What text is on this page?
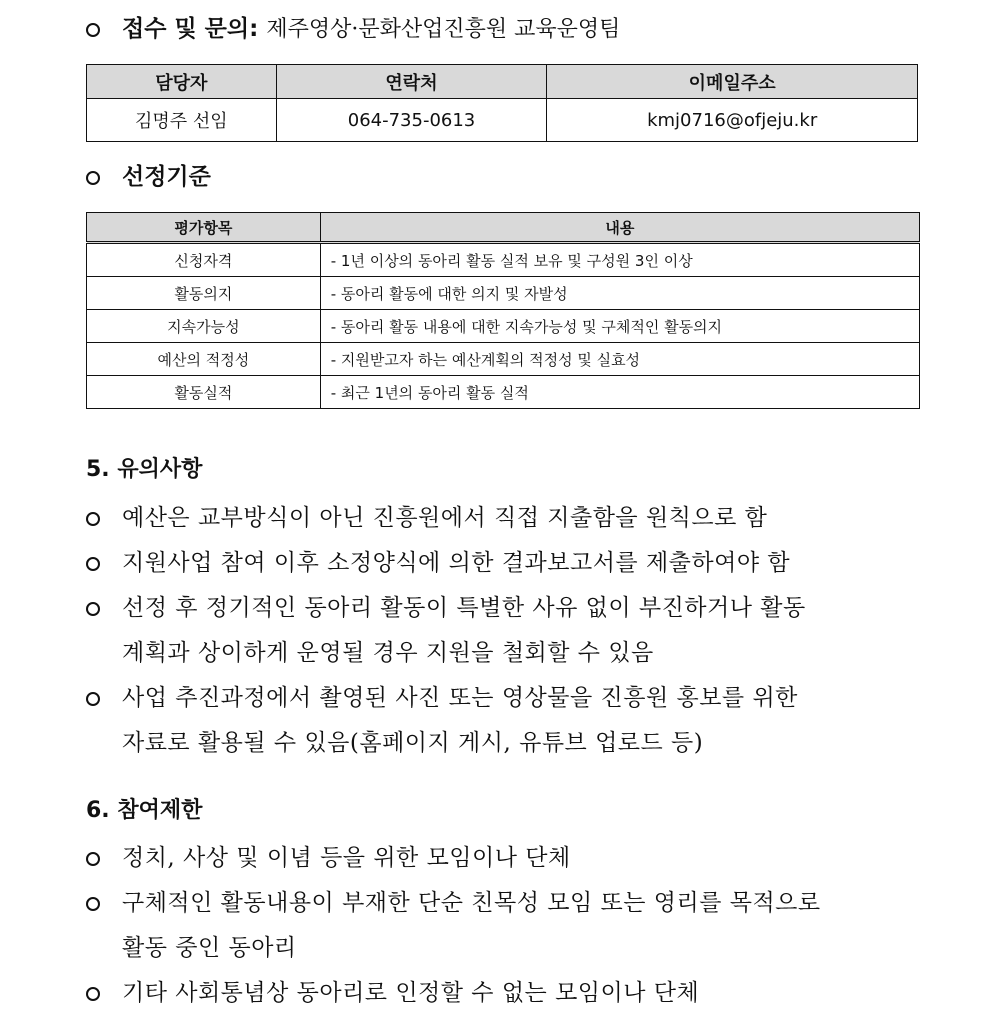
접수 및 문의: 제주영상·문화산업진흥원 교육운영팀
담당자	연락처	이메일주소
김명주 선임	064-735-0613	kmj0716@ofjeju.kr
선정기준
평가항목	내용
신청자격	- 1년 이상의 동아리 활동 실적 보유 및 구성원 3인 이상
활동의지	- 동아리 활동에 대한 의지 및 자발성
지속가능성	- 동아리 활동 내용에 대한 지속가능성 및 구체적인 활동의지
예산의 적정성	- 지원받고자 하는 예산계획의 적정성 및 실효성
활동실적	- 최근 1년의 동아리 활동 실적
5. 유의사항
예산은 교부방식이 아닌 진흥원에서 직접 지출함을 원칙으로 함
지원사업 참여 이후 소정양식에 의한 결과보고서를 제출하여야 함
선정 후 정기적인 동아리 활동이 특별한 사유 없이 부진하거나 활동
계획과 상이하게 운영될 경우 지원을 철회할 수 있음
사업 추진과정에서 촬영된 사진 또는 영상물을 진흥원 홍보를 위한
자료로 활용될 수 있음(홈페이지 게시, 유튜브 업로드 등)
6. 참여제한
정치, 사상 및 이념 등을 위한 모임이나 단체
구체적인 활동내용이 부재한 단순 친목성 모임 또는 영리를 목적으로
활동 중인 동아리
기타 사회통념상 동아리로 인정할 수 없는 모임이나 단체
